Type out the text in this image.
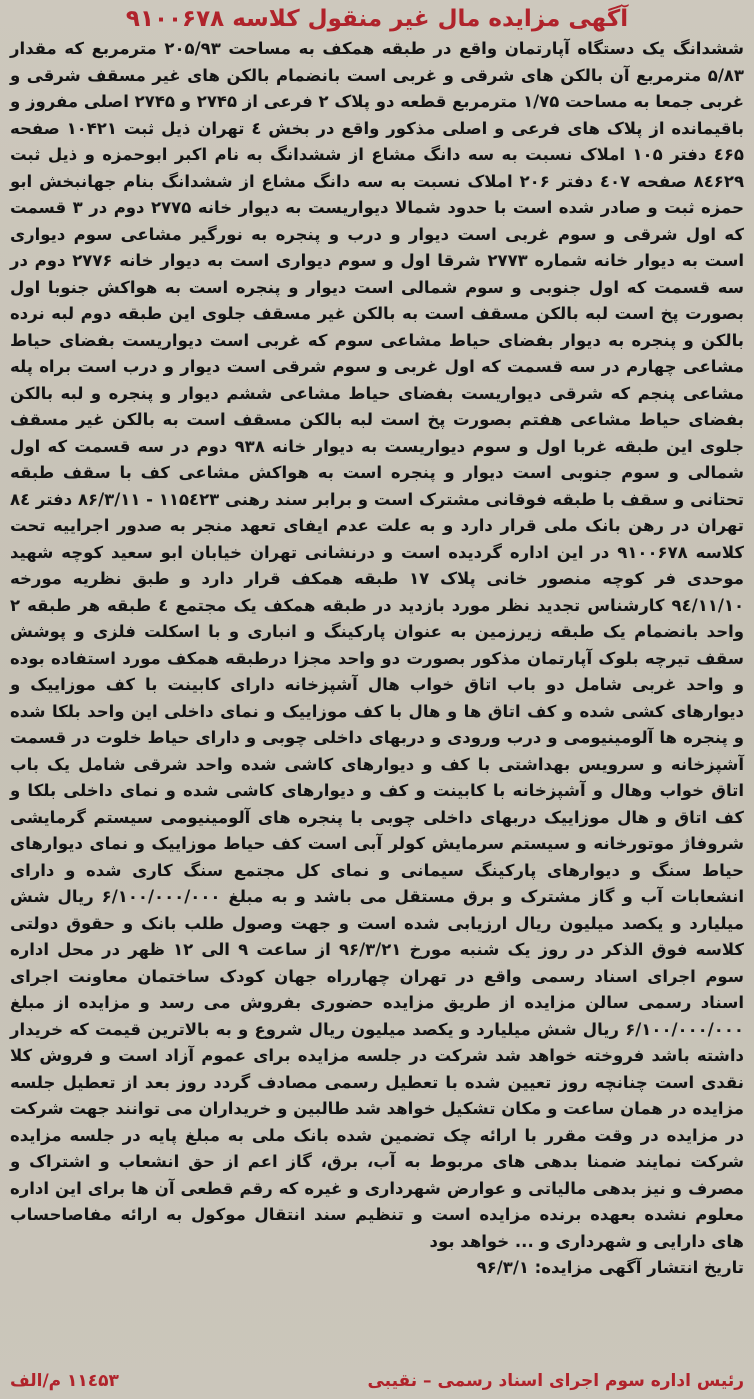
آگهی مزایده مال غیر منقول کلاسه ۹۱۰۰۶۷۸

ششدانگ یک دستگاه آپارتمان واقع در طبقه همکف به مساحت ۲۰۵/۹۳ مترمربع که مقدار ۵/۸۳ مترمربع آن بالکن های شرقی و غربی است بانضمام بالکن های غیر مسقف شرقی و غربی جمعا به مساحت ۱/۷۵ مترمربع قطعه دو پلاک ۲ فرعی از ۲۷۴۵ و ۲۷۴۵ اصلی مفروز و باقیمانده از پلاک های فرعی و اصلی مذکور واقع در بخش ٤ تهران ذیل ثبت ۱۰۴۲۱ صفحه ٤۶۵ دفتر ۱۰۵ املاک نسبت به سه دانگ مشاع از ششدانگ به نام اکبر ابوحمزه و ذیل ثبت ۸٤۶۲۹ صفحه ٤۰۷ دفتر ۲۰۶ املاک نسبت به سه دانگ مشاع از ششدانگ بنام جهانبخش ابو حمزه ثبت و صادر شده است با حدود شمالا دیواریست به دیوار خانه ۲۷۷۵ دوم در ۳ قسمت که اول شرقی و سوم غربی است دیوار و درب و پنجره به نورگیر مشاعی سوم دیواری است به دیوار خانه شماره ۲۷۷۳ شرقا اول و سوم دیواری است به دیوار خانه ۲۷۷۶ دوم در سه قسمت که اول جنوبی و سوم شمالی است دیوار و پنجره است به هواکش جنوبا اول بصورت پخ است لبه بالکن مسقف است به بالکن غیر مسقف جلوی این طبقه دوم لبه نرده بالکن و پنجره به دیوار بفضای حیاط مشاعی سوم که غربی است دیواریست بفضای حیاط مشاعی چهارم در سه قسمت که اول غربی و سوم شرقی است دیوار و درب است براه پله مشاعی پنجم که شرقی دیواریست بفضای حیاط مشاعی ششم دیوار و پنجره و لبه بالکن بفضای حیاط مشاعی هفتم بصورت پخ است لبه بالکن مسقف است به بالکن غیر مسقف جلوی این طبقه غربا اول و سوم دیواریست به دیوار خانه ۹۳۸ دوم در سه قسمت که اول شمالی و سوم جنوبی است دیوار و پنجره است به هواکش مشاعی کف با سقف طبقه تحتانی و سقف با طبقه فوقانی مشترک است و برابر سند رهنی ۱۱۵٤۲۳ - ۸۶/۳/۱۱ دفتر ۸٤ تهران در رهن بانک ملی قرار دارد و به علت عدم ایفای تعهد منجر به صدور اجراییه تحت کلاسه ۹۱۰۰۶۷۸ در این اداره گردیده است و درنشانی تهران خیابان ابو سعید کوچه شهید موحدی فر کوچه منصور خانی پلاک ۱۷ طبقه همکف قرار دارد و طبق نظریه مورخه ۹٤/۱۱/۱۰ کارشناس تجدید نظر مورد بازدید در طبقه همکف یک مجتمع ٤ طبقه هر طبقه ۲ واحد بانضمام یک طبقه زیرزمین به عنوان پارکینگ و انباری و با اسکلت فلزی و پوشش سقف تیرچه بلوک آپارتمان مذکور بصورت دو واحد مجزا درطبقه همکف مورد استفاده بوده و واحد غربی شامل دو باب اتاق خواب هال آشپزخانه دارای کابینت با کف موزاییک و دیوارهای کشی شده و کف اتاق ها و هال با کف موزاییک و نمای داخلی این واحد بلکا شده و پنجره ها آلومینیومی و درب ورودی و دربهای داخلی چوبی و دارای حیاط خلوت در قسمت آشپزخانه و سرویس بهداشتی با کف و دیوارهای کاشی شده واحد شرقی شامل یک باب اتاق خواب وهال و آشپزخانه با کابینت و کف و دیوارهای کاشی شده و نمای داخلی بلکا و کف اتاق و هال موزاییک دربهای داخلی چوبی با پنجره های آلومینیومی سیستم گرمایشی شروفاژ موتورخانه و سیستم سرمایش کولر آبی است کف حیاط موزاییک و نمای دیوارهای حیاط سنگ و دیوارهای پارکینگ سیمانی و نمای کل مجتمع سنگ کاری شده و دارای انشعابات آب و گاز مشترک و برق مستقل می باشد و به مبلغ ۶/۱۰۰/۰۰۰/۰۰۰ ریال شش میلیارد و یکصد میلیون ریال ارزیابی شده است و جهت وصول طلب بانک و حقوق دولتی کلاسه فوق الذکر در روز یک شنبه مورخ ۹۶/۳/۲۱ از ساعت ۹ الی ۱۲ ظهر در محل اداره سوم اجرای اسناد رسمی واقع در تهران چهارراه جهان کودک ساختمان معاونت اجرای اسناد رسمی سالن مزایده از طریق مزایده حضوری بفروش می رسد و مزایده از مبلغ ۶/۱۰۰/۰۰۰/۰۰۰ ریال شش میلیارد و یکصد میلیون ریال شروع و به بالاترین قیمت که خریدار داشته باشد فروخته خواهد شد شرکت در جلسه مزایده برای عموم آزاد است و فروش کلا نقدی است چنانچه روز تعیین شده با تعطیل رسمی مصادف گردد روز بعد از تعطیل جلسه مزایده در همان ساعت و مکان تشکیل خواهد شد طالبین و خریداران می توانند جهت شرکت در مزایده در وقت مقرر با ارائه چک تضمین شده بانک ملی به مبلغ پایه در جلسه مزایده شرکت نمایند ضمنا بدهی های مربوط به آب، برق، گاز اعم از حق انشعاب و اشتراک و مصرف و نیز بدهی مالیاتی و عوارض شهرداری و غیره که رقم قطعی آن ها برای این اداره معلوم نشده بعهده برنده مزایده است و تنظیم سند انتقال موکول به ارائه مفاصاحساب های دارایی و شهرداری و ... خواهد بود

تاریخ انتشار آگهی مزایده: ۹۶/۳/۱

رئیس اداره سوم اجرای اسناد رسمی – نقیبی
۱۱٤۵۳ م/الف
